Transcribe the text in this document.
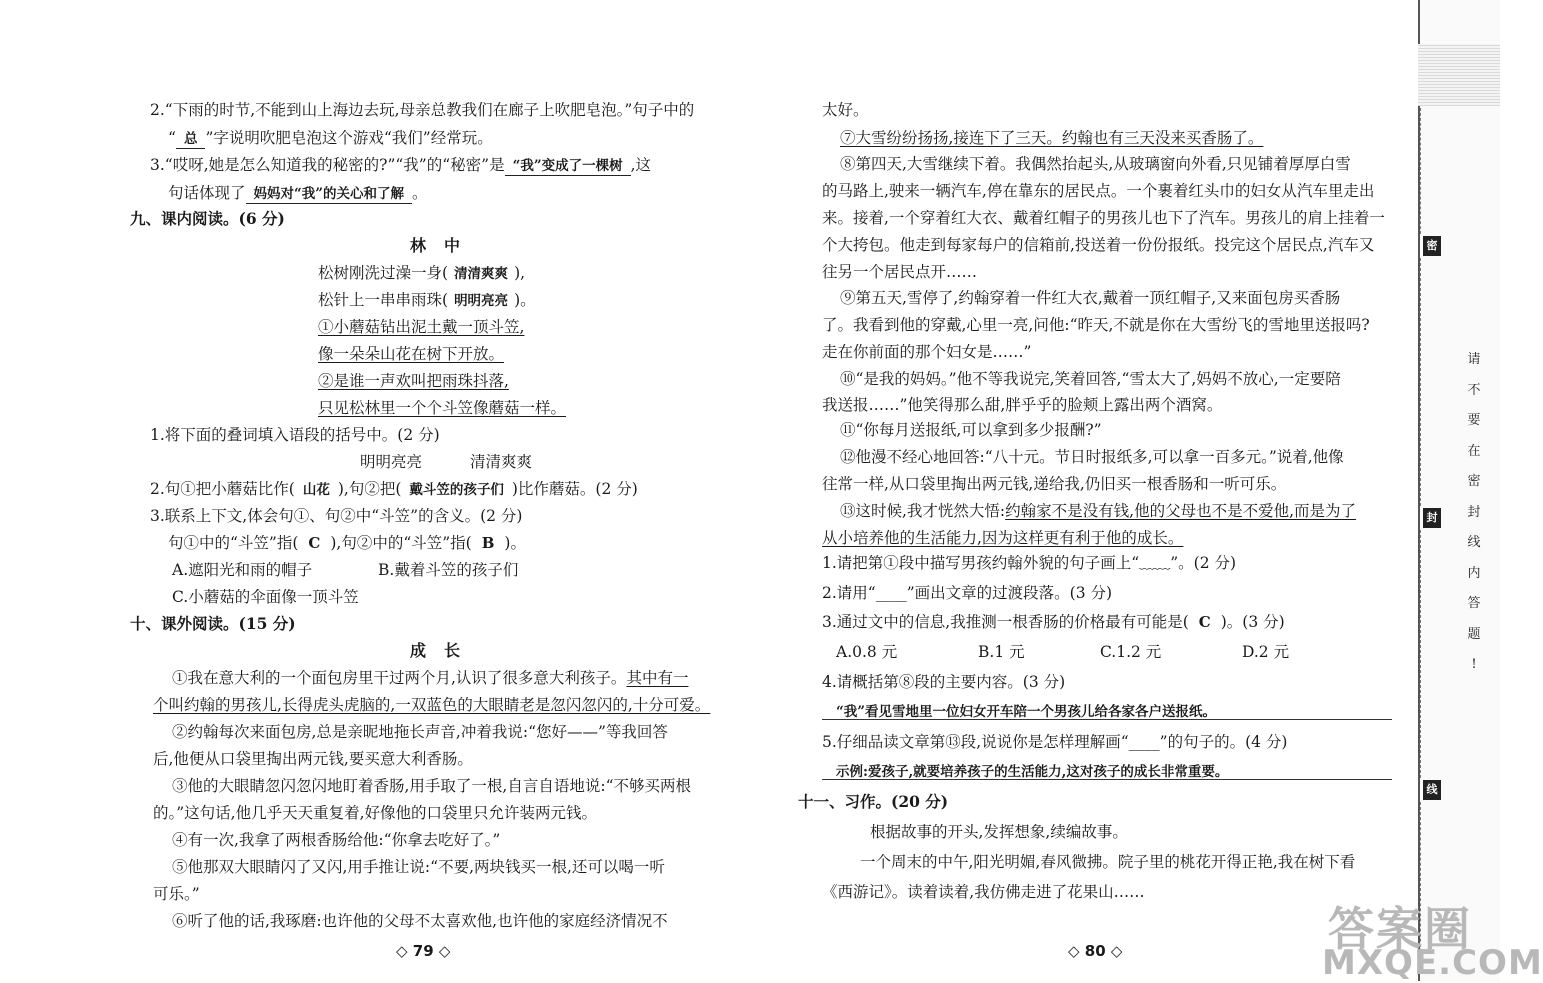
2.“下雨的时节,不能到山上海边去玩,母亲总教我们在廊子上吹肥皂泡。”句子中的
“ 总 ”字说明吹肥皂泡这个游戏“我们”经常玩。
3.“哎呀,她是怎么知道我的秘密的?”“我”的“秘密”是 “我”变成了一棵树 ,这
句话体现了 妈妈对“我”的关心和了解 。
九、课内阅读。(6 分)
林中
松树刚洗过澡一身( 清清爽爽 ),
松针上一串串雨珠( 明明亮亮 )。
①小蘑菇钻出泥土戴一顶斗笠,
像一朵朵山花在树下开放。
②是谁一声欢叫把雨珠抖落,
只见松林里一个个斗笠像蘑菇一样。
1.将下面的叠词填入语段的括号中。(2 分)
明明亮亮	清清爽爽
2.句①把小蘑菇比作( 山花 ),句②把( 戴斗笠的孩子们 )比作蘑菇。(2 分)
3.联系上下文,体会句①、句②中“斗笠”的含义。(2 分)
句①中的“斗笠”指( C ),句②中的“斗笠”指( B )。
A.遮阳光和雨的帽子	B.戴着斗笠的孩子们
C.小蘑菇的伞面像一顶斗笠
十、课外阅读。(15 分)
成长
①我在意大利的一个面包房里干过两个月,认识了很多意大利孩子。其中有一
个叫约翰的男孩儿,长得虎头虎脑的,一双蓝色的大眼睛老是忽闪忽闪的,十分可爱。
②约翰每次来面包房,总是亲昵地拖长声音,冲着我说:“您好——”等我回答
后,他便从口袋里掏出两元钱,要买意大利香肠。
③他的大眼睛忽闪忽闪地盯着香肠,用手取了一根,自言自语地说:“不够买两根
的。”这句话,他几乎天天重复着,好像他的口袋里只允许装两元钱。
④有一次,我拿了两根香肠给他:“你拿去吃好了。”
⑤他那双大眼睛闪了又闪,用手推让说:“不要,两块钱买一根,还可以喝一听
可乐。”
⑥听了他的话,我琢磨:也许他的父母不太喜欢他,也许他的家庭经济情况不
◇ 79 ◇
太好。
⑦大雪纷纷扬扬,接连下了三天。约翰也有三天没来买香肠了。
⑧第四天,大雪继续下着。我偶然抬起头,从玻璃窗向外看,只见铺着厚厚白雪
的马路上,驶来一辆汽车,停在靠东的居民点。一个裹着红头巾的妇女从汽车里走出
来。接着,一个穿着红大衣、戴着红帽子的男孩儿也下了汽车。男孩儿的肩上挂着一
个大挎包。他走到每家每户的信箱前,投送着一份份报纸。投完这个居民点,汽车又
往另一个居民点开……
⑨第五天,雪停了,约翰穿着一件红大衣,戴着一顶红帽子,又来面包房买香肠
了。我看到他的穿戴,心里一亮,问他:“昨天,不就是你在大雪纷飞的雪地里送报吗?
走在你前面的那个妇女是……”
⑩“是我的妈妈。”他不等我说完,笑着回答,“雪太大了,妈妈不放心,一定要陪
我送报……”他笑得那么甜,胖乎乎的脸颊上露出两个酒窝。
⑪“你每月送报纸,可以拿到多少报酬?”
⑫他漫不经心地回答:“八十元。节日时报纸多,可以拿一百多元。”说着,他像
往常一样,从口袋里掏出两元钱,递给我,仍旧买一根香肠和一听可乐。
⑬这时候,我才恍然大悟:约翰家不是没有钱,他的父母也不是不爱他,而是为了
从小培养他的生活能力,因为这样更有利于他的成长。
1.请把第①段中描写男孩约翰外貌的句子画上“﹏﹏”。(2 分)
2.请用“____”画出文章的过渡段落。(3 分)
3.通过文中的信息,我推测一根香肠的价格最有可能是( C )。(3 分)
A.0.8 元	B.1 元	C.1.2 元	D.2 元
4.请概括第⑧段的主要内容。(3 分)
“我”看见雪地里一位妇女开车陪一个男孩儿给各家各户送报纸。
5.仔细品读文章第⑬段,说说你是怎样理解画“____”的句子的。(4 分)
示例:爱孩子,就要培养孩子的生活能力,这对孩子的成长非常重要。
十一、习作。(20 分)
根据故事的开头,发挥想象,续编故事。
一个周末的中午,阳光明媚,春风微拂。院子里的桃花开得正艳,我在树下看
《西游记》。读着读着,我仿佛走进了花果山……
◇ 80 ◇
密
封
线
请
不
要
在
密
封
线
内
答
题
!
答案圈
MXQE.COM
